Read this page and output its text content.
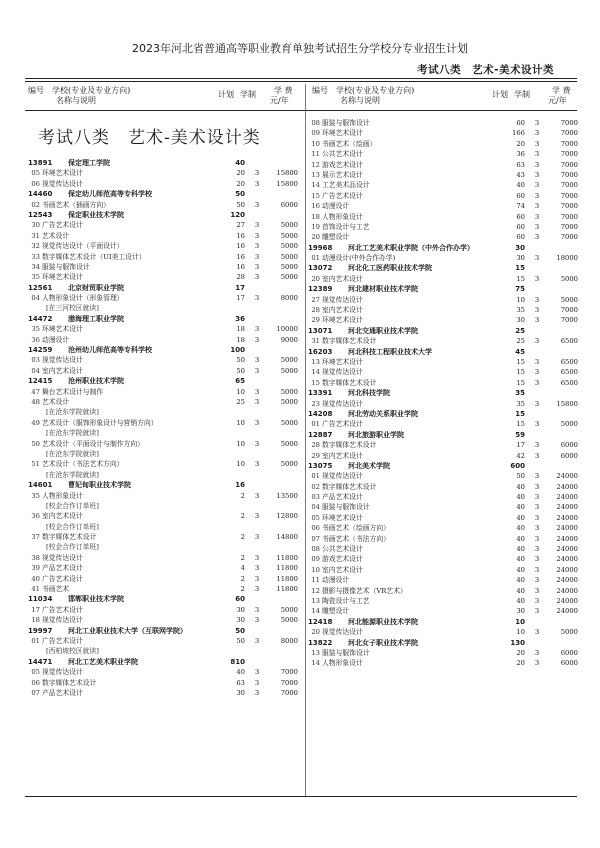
2023年河北省普通高等职业教育单独考试招生分学校分专业招生计划
考试八类　艺术-美术设计类
编号 学校(专业及专业方向)
名称与说明
计划 学制 学 费
元/年
编号 学校(专业及专业方向)
名称与说明
计划 学制	学 费
元/年
考试八类　艺术-美术设计类
13891	保定理工学院	40
05 环境艺术设计	20	3	15800
06 视觉传达设计	20	3	15800
14460	保定幼儿师范高等专科学校	50
02 书画艺术（插画方向）	50	3	6000
12543	保定职业技术学院	120
30 广告艺术设计	27	3	5000
31 艺术设计	16	3	5000
32 视觉传达设计（平面设计）	16	3	5000
33 数字媒体艺术设计（UI美工设计）	16	3	5000
34 服装与服饰设计	16	3	5000
35 环境艺术设计	28	3	5000
12561	北京财贸职业学院	17
04 人物形象设计（形象管理）	17	3	8000
[在三河校区就读]
14472	渤海理工职业学院	36
35 环境艺术设计	18	3	10000
36 动漫设计	18	3	9000
14259	沧州幼儿师范高等专科学校	100
03 视觉传达设计	50	3	5000
04 室内艺术设计	50	3	5000
12415	沧州职业技术学院	65
47 舞台艺术设计与制作	10	3	5000
48 艺术设计	25	3	5000
[在沧东学院就读]
49 艺术设计（服饰形象设计与营销方向）	10	3	5000
[在沧东学院就读]
50 艺术设计（平面设计与制作方向）	10	3	5000
[在沧东学院就读]
51 艺术设计（书法艺术方向）	10	3	5000
[在沧东学院就读]
14601	曹妃甸职业技术学院	16
35 人物形象设计	2	3	13500
[校企合作订单班]
36 室内艺术设计	2	3	12800
[校企合作订单班]
37 数字媒体艺术设计	2	3	14800
[校企合作订单班]
38 视觉传达设计	2	3	11800
39 产品艺术设计	4	3	11800
40 广告艺术设计	2	3	11800
41 书画艺术	2	3	11800
11034	邯郸职业技术学院	60
17 广告艺术设计	30	3	5000
18 视觉传达设计	30	3	5000
19997	河北工业职业技术大学（互联网学院）	50
01 广告艺术设计	50	3	8000
[西柏坡校区就读]
14471	河北工艺美术职业学院	810
05 视觉传达设计	40	3	7000
06 数字媒体艺术设计	63	3	7000
07 产品艺术设计	30	3	7000
08 服装与服饰设计	60	3	7000
09 环境艺术设计	166	3	7000
10 书画艺术（绘画）	20	3	7000
11 公共艺术设计	36	3	7000
12 游戏艺术设计	63	3	7000
13 展示艺术设计	43	3	7000
14 工艺美术品设计	40	3	7000
15 广告艺术设计	60	3	7000
16 动漫设计	74	3	7000
18 人物形象设计	60	3	7000
19 首饰设计与工艺	60	3	7000
20 雕塑设计	60	3	7000
19968	河北工艺美术职业学院（中外合作办学）	30
01 动漫设计(中外合作办学)	30	3	18000
13072	河北化工医药职业技术学院	15
20 室内艺术设计	15	3	5000
12389	河北建材职业技术学院	75
27 视觉传达设计	10	3	5000
28 室内艺术设计	35	3	7000
29 环境艺术设计	30	3	7000
13071	河北交通职业技术学院	25
31 数字媒体艺术设计	25	3	6500
16203	河北科技工程职业技术大学	45
13 环境艺术设计	15	3	6500
14 视觉传达设计	15	3	6500
15 数字媒体艺术设计	15	3	6500
13391	河北科技学院	35
23 视觉传达设计	35	3	15800
14208	河北劳动关系职业学院	15
01 广告艺术设计	15	3	5000
12887	河北旅游职业学院	59
28 数字媒体艺术设计	17	3	6000
29 室内艺术设计	42	3	6000
13075	河北美术学院	600
01 视觉传达设计	50	3	24000
02 数字媒体艺术设计	40	3	24000
03 产品艺术设计	40	3	24000
04 服装与服饰设计	40	3	24000
05 环境艺术设计	40	3	24000
06 书画艺术（绘画方向）	40	3	24000
07 书画艺术（书法方向）	40	3	24000
08 公共艺术设计	40	3	24000
09 游戏艺术设计	40	3	24000
10 室内艺术设计	40	3	24000
11 动漫设计	40	3	24000
12 摄影与摄像艺术（VR艺术）	40	3	24000
13 陶瓷设计与工艺	40	3	24000
14 雕塑设计	30	3	24000
12418	河北能源职业技术学院	10
20 视觉传达设计	10	3	5000
13822	河北女子职业技术学院	130
13 服装与服饰设计	20	3	6000
14 人物形象设计	20	3	6000
